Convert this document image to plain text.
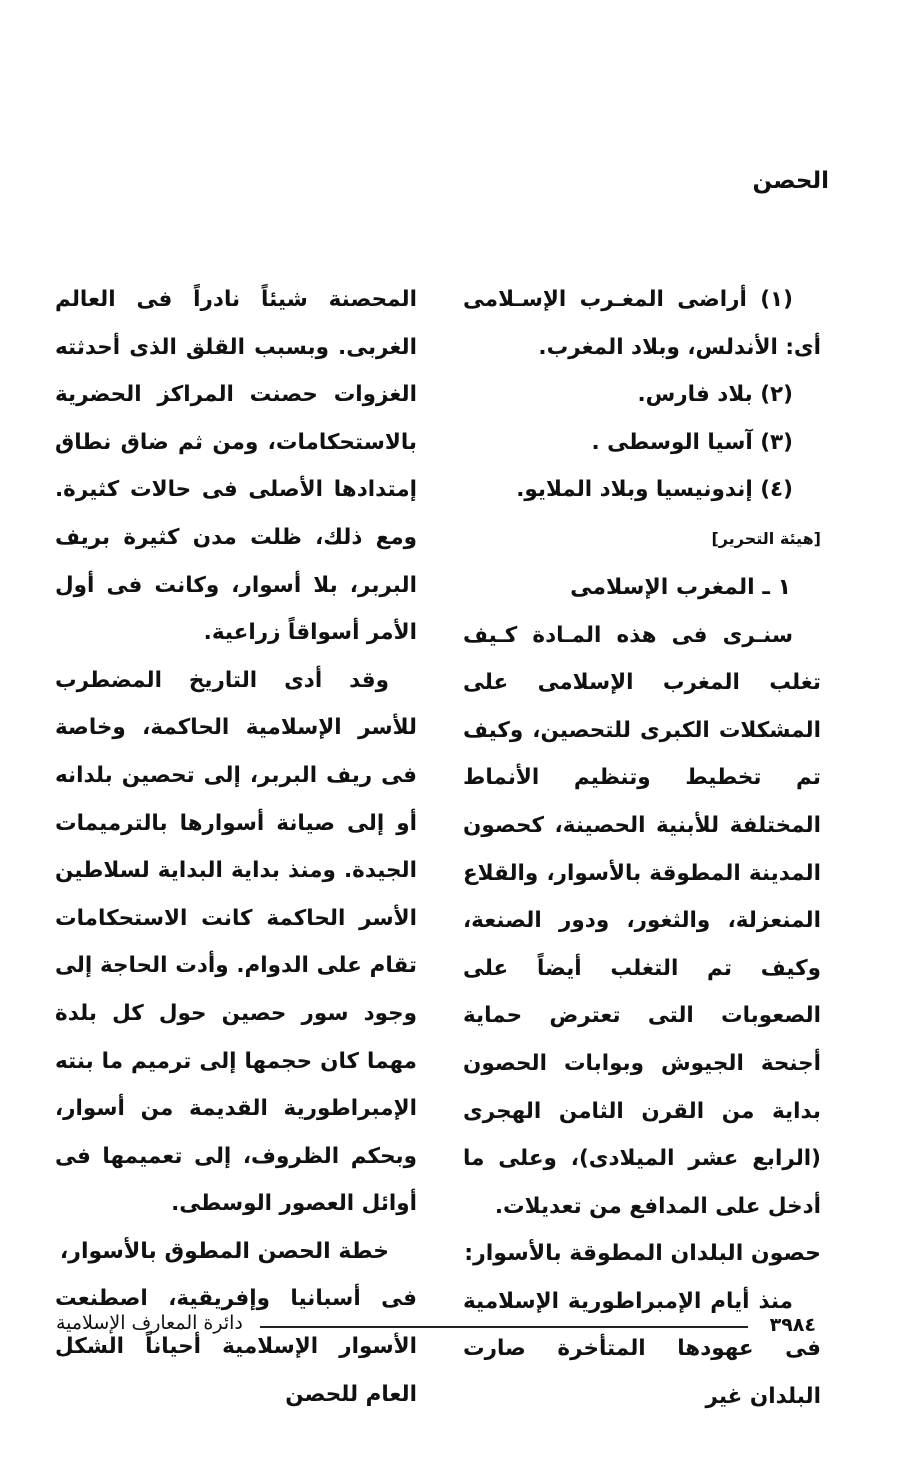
الحصن
(١) أراضى المغـرب الإسـلامى أى: الأندلس، وبلاد المغرب.
(٢) بلاد فارس.
(٣) آسيا الوسطى .
(٤) إندونيسيا وبلاد الملايو.

[هيئة التحرير]

١ ـ المغرب الإسلامى

سنـرى فى هذه المـادة كـيف تغلب المغرب الإسلامى على المشكلات الكبرى للتحصين، وكيف تم تخطيط وتنظيم الأنماط المختلفة للأبنية الحصينة، كحصون المدينة المطوقة بالأسوار، والقلاع المنعزلة، والثغور، ودور الصنعة، وكيف تم التغلب أيضاً على الصعوبات التى تعترض حماية أجنحة الجيوش وبوابات الحصون بداية من القرن الثامن الهجرى (الرابع عشر الميلادى)، وعلى ما أدخل على المدافع من تعديلات.

حصون البلدان المطوقة بالأسوار:

منذ أيام الإمبراطورية الإسلامية فى عهودها المتأخرة صارت البلدان غير

المحصنة شيئاً نادراً فى العالم الغربى. وبسبب القلق الذى أحدثته الغزوات حصنت المراكز الحضرية بالاستحكامات، ومن ثم ضاق نطاق إمتدادها الأصلى فى حالات كثيرة. ومع ذلك، ظلت مدن كثيرة بريف البربر، بلا أسوار، وكانت فى أول الأمر أسواقاً زراعية.

وقد أدى التاريخ المضطرب للأسر الإسلامية الحاكمة، وخاصة فى ريف البربر، إلى تحصين بلدانه أو إلى صيانة أسوارها بالترميمات الجيدة. ومنذ بداية البداية لسلاطين الأسر الحاكمة كانت الاستحكامات تقام على الدوام. وأدت الحاجة إلى وجود سور حصين حول كل بلدة مهما كان حجمها إلى ترميم ما بنته الإمبراطورية القديمة من أسوار، وبحكم الظروف، إلى تعميمها فى أوائل العصور الوسطى.

خطة الحصن المطوق بالأسوار،

فى أسبانيا وإفريقية، اصطنعت الأسوار الإسلامية أحياناً الشكل العام للحصن

٣٩٨٤
دائرة المعارف الإسلامية
